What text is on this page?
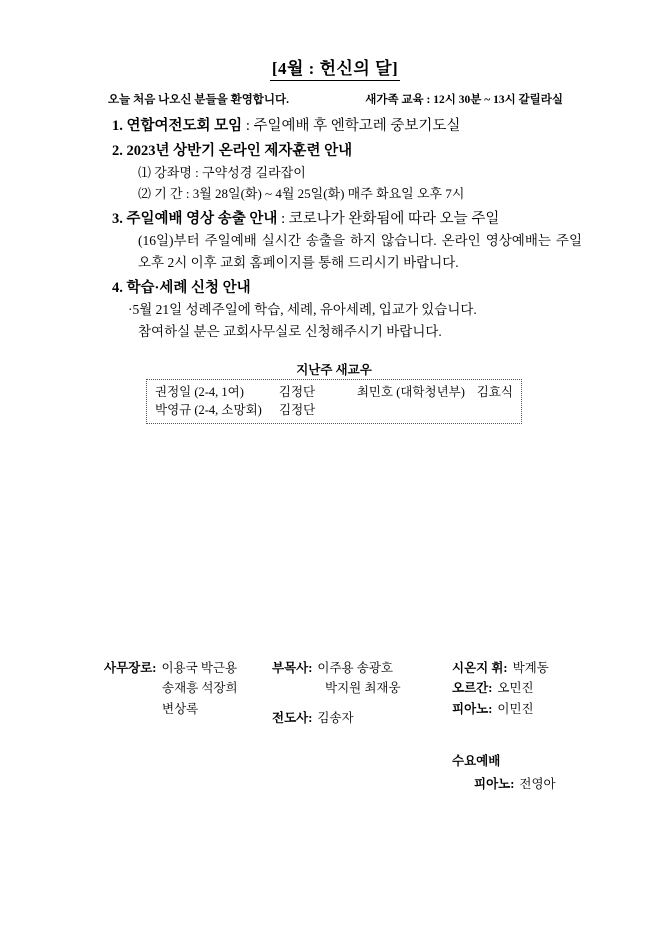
[4월 : 헌신의 달]
오늘 처음 나오신 분들을 환영합니다.	새가족 교육 : 12시 30분 ~ 13시 갈릴라실
1. 연합여전도회 모임 : 주일예배 후 엔학고레 중보기도실
2. 2023년 상반기 온라인 제자훈련 안내
⑴ 강좌명 : 구약성경 길라잡이
⑵ 기 간 : 3월 28일(화) ~ 4월 25일(화) 매주 화요일 오후 7시
3. 주일예배 영상 송출 안내 : 코로나가 완화됨에 따라 오늘 주일
(16일)부터 주일예배 실시간 송출을 하지 않습니다. 온라인 영상예배는 주일 오후 2시 이후 교회 홈페이지를 통해 드리시기 바랍니다.
4. 학습·세례 신청 안내
·5월 21일 성례주일에 학습, 세례, 유아세례, 입교가 있습니다.
참여하실 분은 교회사무실로 신청해주시기 바랍니다.
지난주 새교우
권정일 (2-4, 1여)	김정단	최민호 (대학청년부) 김효식
박영규 (2-4, 소망회)	김정단
사무장로: 이용국 박근용
송재흥 석장희
변상록
부목사: 이주용 송광호
박지원 최재웅
전도사: 김송자
시온지 휘: 박계동
오르간: 오민진
피아노: 이민진
수요예배
피아노: 전영아
